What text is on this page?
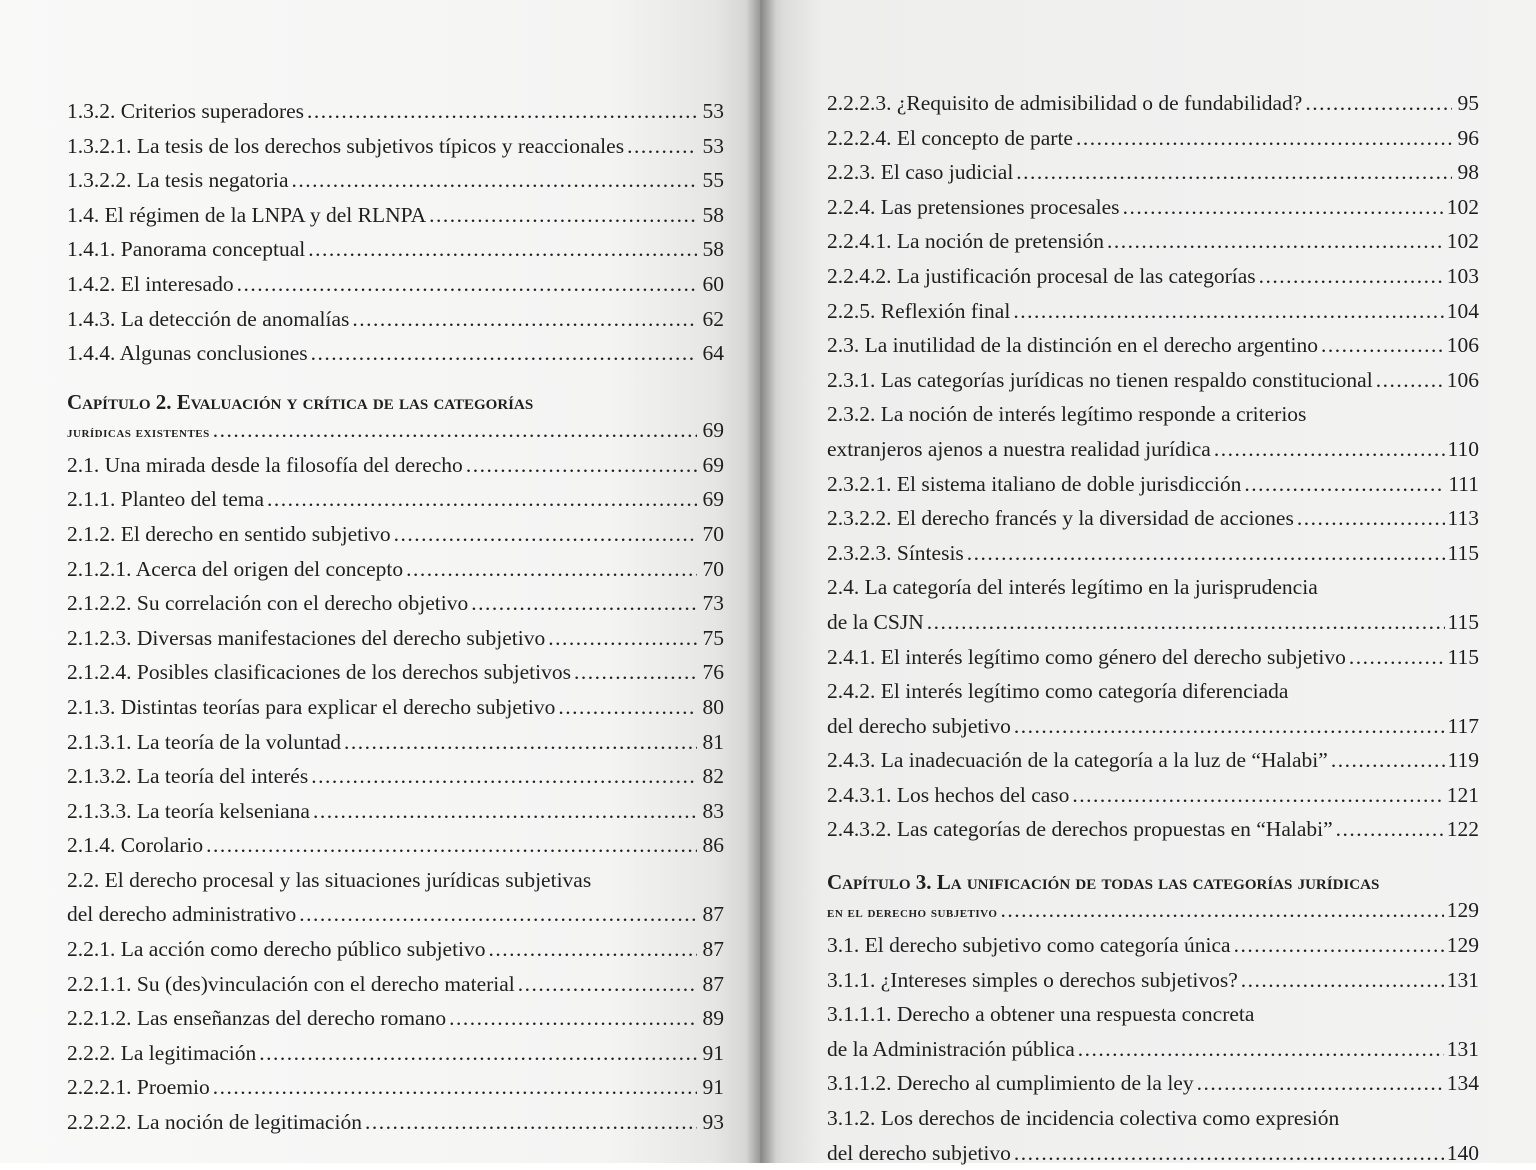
1.3.2. Criterios superadores .....	53
1.3.2.1. La tesis de los derechos subjetivos típicos y reaccionales .....	53
1.3.2.2. La tesis negatoria .....	55
1.4. El régimen de la LNPA y del RLNPA .....	58
1.4.1. Panorama conceptual .....	58
1.4.2. El interesado .....	60
1.4.3. La detección de anomalías .....	62
1.4.4. Algunas conclusiones .....	64
Capítulo 2. Evaluación y crítica de las categorías
jurídicas existentes .....	69
2.1. Una mirada desde la filosofía del derecho .....	69
2.1.1. Planteo del tema .....	69
2.1.2. El derecho en sentido subjetivo .....	70
2.1.2.1. Acerca del origen del concepto .....	70
2.1.2.2. Su correlación con el derecho objetivo .....	73
2.1.2.3. Diversas manifestaciones del derecho subjetivo .....	75
2.1.2.4. Posibles clasificaciones de los derechos subjetivos .....	76
2.1.3. Distintas teorías para explicar el derecho subjetivo .....	80
2.1.3.1. La teoría de la voluntad .....	81
2.1.3.2. La teoría del interés .....	82
2.1.3.3. La teoría kelseniana .....	83
2.1.4. Corolario .....	86
2.2. El derecho procesal y las situaciones jurídicas subjetivas
del derecho administrativo .....	87
2.2.1. La acción como derecho público subjetivo .....	87
2.2.1.1. Su (des)vinculación con el derecho material .....	87
2.2.1.2. Las enseñanzas del derecho romano .....	89
2.2.2. La legitimación .....	91
2.2.2.1. Proemio .....	91
2.2.2.2. La noción de legitimación .....	93
2.2.2.3. ¿Requisito de admisibilidad o de fundabilidad? .....	95
2.2.2.4. El concepto de parte .....	96
2.2.3. El caso judicial .....	98
2.2.4. Las pretensiones procesales .....	102
2.2.4.1. La noción de pretensión .....	102
2.2.4.2. La justificación procesal de las categorías .....	103
2.2.5. Reflexión final .....	104
2.3. La inutilidad de la distinción en el derecho argentino .....	106
2.3.1. Las categorías jurídicas no tienen respaldo constitucional .....	106
2.3.2. La noción de interés legítimo responde a criterios
extranjeros ajenos a nuestra realidad jurídica .....	110
2.3.2.1. El sistema italiano de doble jurisdicción .....	111
2.3.2.2. El derecho francés y la diversidad de acciones .....	113
2.3.2.3. Síntesis .....	115
2.4. La categoría del interés legítimo en la jurisprudencia
de la CSJN .....	115
2.4.1. El interés legítimo como género del derecho subjetivo .....	115
2.4.2. El interés legítimo como categoría diferenciada
del derecho subjetivo .....	117
2.4.3. La inadecuación de la categoría a la luz de “Halabi” .....	119
2.4.3.1. Los hechos del caso .....	121
2.4.3.2. Las categorías de derechos propuestas en “Halabi” .....	122
Capítulo 3. La unificación de todas las categorías jurídicas
en el derecho subjetivo .....	129
3.1. El derecho subjetivo como categoría única .....	129
3.1.1. ¿Intereses simples o derechos subjetivos? .....	131
3.1.1.1. Derecho a obtener una respuesta concreta
de la Administración pública .....	131
3.1.1.2. Derecho al cumplimiento de la ley .....	134
3.1.2. Los derechos de incidencia colectiva como expresión
del derecho subjetivo .....	140
